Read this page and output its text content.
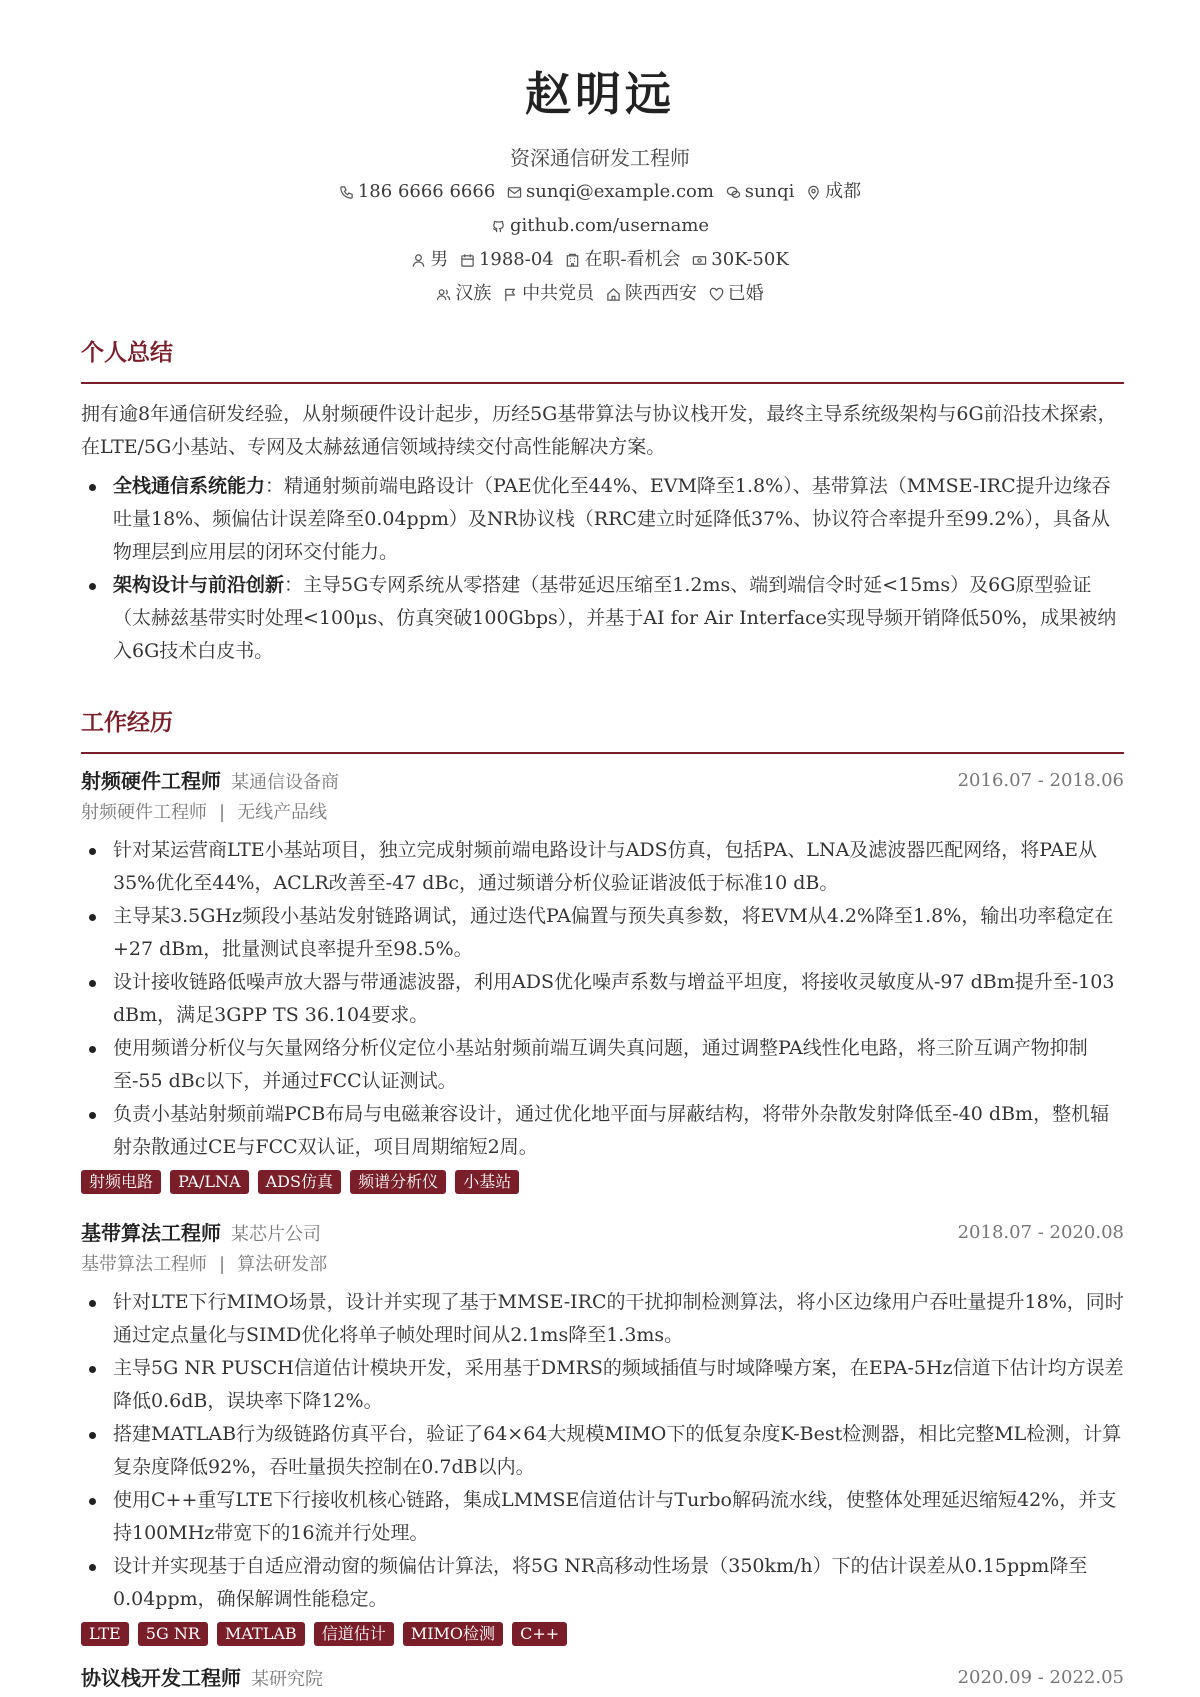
赵明远
资深通信研发工程师
186 6666 6666 sunqi@example.com sunqi 成都
github.com/username
男 1988-04 在职-看机会 30K-50K
汉族 中共党员 陕西西安 已婚
个人总结
拥有逾8年通信研发经验，从射频硬件设计起步，历经5G基带算法与协议栈开发，最终主导系统级架构与6G前沿技术探索，在LTE/5G小基站、专网及太赫兹通信领域持续交付高性能解决方案。
全栈通信系统能力：精通射频前端电路设计（PAE优化至44%、EVM降至1.8%）、基带算法（MMSE-IRC提升边缘吞吐量18%、频偏估计误差降至0.04ppm）及NR协议栈（RRC建立时延降低37%、协议符合率提升至99.2%），具备从物理层到应用层的闭环交付能力。
架构设计与前沿创新：主导5G专网系统从零搭建（基带延迟压缩至1.2ms、端到端信令时延<15ms）及6G原型验证（太赫兹基带实时处理<100μs、仿真突破100Gbps），并基于AI for Air Interface实现导频开销降低50%，成果被纳入6G技术白皮书。
工作经历
射频硬件工程师 某通信设备商	2016.07 - 2018.06
射频硬件工程师 | 无线产品线
针对某运营商LTE小基站项目，独立完成射频前端电路设计与ADS仿真，包括PA、LNA及滤波器匹配网络，将PAE从35%优化至44%，ACLR改善至-47 dBc，通过频谱分析仪验证谐波低于标准10 dB。
主导某3.5GHz频段小基站发射链路调试，通过迭代PA偏置与预失真参数，将EVM从4.2%降至1.8%，输出功率稳定在+27 dBm，批量测试良率提升至98.5%。
设计接收链路低噪声放大器与带通滤波器，利用ADS优化噪声系数与增益平坦度，将接收灵敏度从-97 dBm提升至-103 dBm，满足3GPP TS 36.104要求。
使用频谱分析仪与矢量网络分析仪定位小基站射频前端互调失真问题，通过调整PA线性化电路，将三阶互调产物抑制至-55 dBc以下，并通过FCC认证测试。
负责小基站射频前端PCB布局与电磁兼容设计，通过优化地平面与屏蔽结构，将带外杂散发射降低至-40 dBm，整机辐射杂散通过CE与FCC双认证，项目周期缩短2周。
射频电路 PA/LNA ADS仿真 频谱分析仪 小基站
基带算法工程师 某芯片公司	2018.07 - 2020.08
基带算法工程师 | 算法研发部
针对LTE下行MIMO场景，设计并实现了基于MMSE-IRC的干扰抑制检测算法，将小区边缘用户吞吐量提升18%，同时通过定点量化与SIMD优化将单子帧处理时间从2.1ms降至1.3ms。
主导5G NR PUSCH信道估计模块开发，采用基于DMRS的频域插值与时域降噪方案，在EPA-5Hz信道下估计均方误差降低0.6dB，误块率下降12%。
搭建MATLAB行为级链路仿真平台，验证了64×64大规模MIMO下的低复杂度K-Best检测器，相比完整ML检测，计算复杂度降低92%，吞吐量损失控制在0.7dB以内。
使用C++重写LTE下行接收机核心链路，集成LMMSE信道估计与Turbo解码流水线，使整体处理延迟缩短42%，并支持100MHz带宽下的16流并行处理。
设计并实现基于自适应滑动窗的频偏估计算法，将5G NR高移动性场景（350km/h）下的估计误差从0.15ppm降至0.04ppm，确保解调性能稳定。
LTE 5G NR MATLAB 信道估计 MIMO检测 C++
协议栈开发工程师 某研究院	2020.09 - 2022.05
